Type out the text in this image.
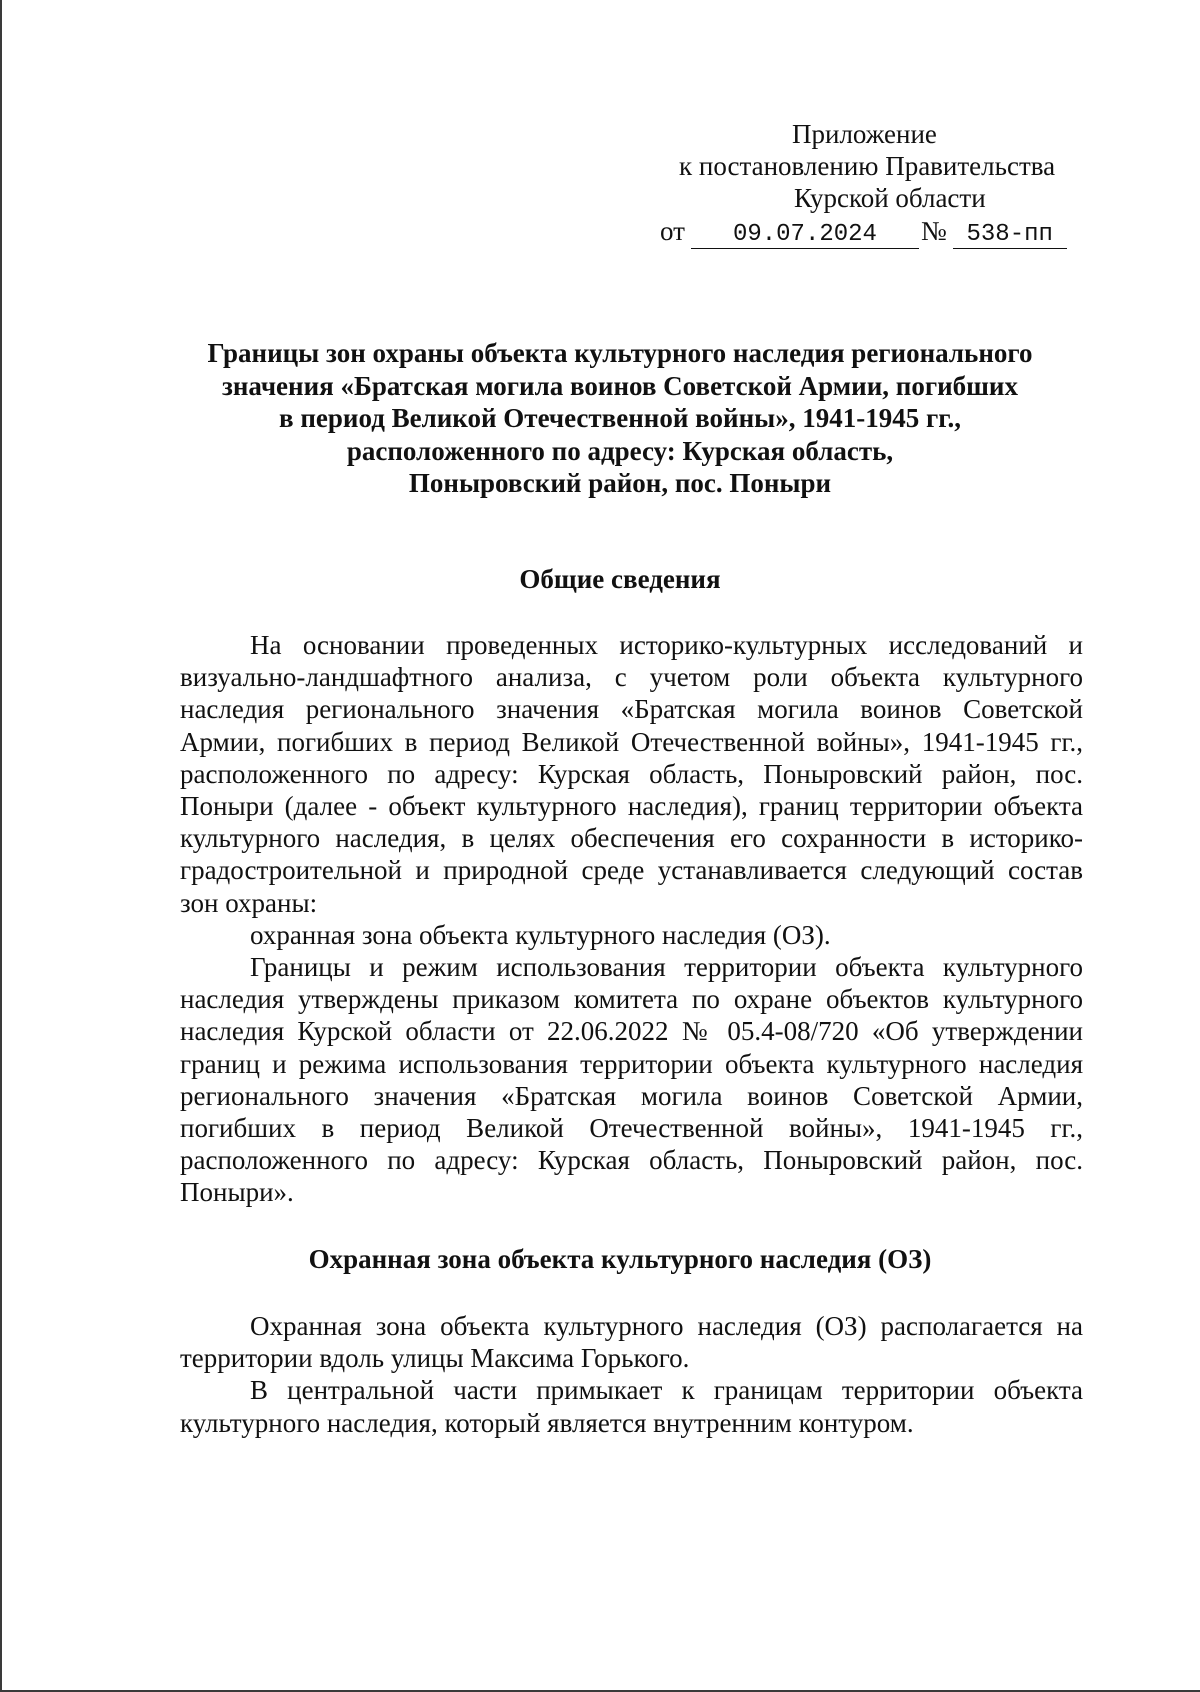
Приложение
к постановлению Правительства
Курской области
от	09.07.2024	№ 538-пп
Границы зон охраны объекта культурного наследия регионального
значения «Братская могила воинов Советской Армии, погибших
в период Великой Отечественной войны», 1941-1945 гг.,
расположенного по адресу: Курская область,
Поныровский район, пос. Поныри
Общие сведения

На основании проведенных историко-культурных исследований и визуально-ландшафтного анализа, с учетом роли объекта культурного наследия регионального значения «Братская могила воинов Советской Армии, погибших в период Великой Отечественной войны», 1941-1945 гг., расположенного по адресу: Курская область, Поныровский район, пос. Поныри (далее - объект культурного наследия), границ территории объекта культурного наследия, в целях обеспечения его сохранности в историко-градостроительной и природной среде устанавливается следующий состав зон охраны:

охранная зона объекта культурного наследия (ОЗ).

Границы и режим использования территории объекта культурного наследия утверждены приказом комитета по охране объектов культурного наследия Курской области от 22.06.2022 № 05.4-08/720 «Об утверждении границ и режима использования территории объекта культурного наследия регионального значения «Братская могила воинов Советской Армии, погибших в период Великой Отечественной войны», 1941-1945 гг., расположенного по адресу: Курская область, Поныровский район, пос. Поныри».

Охранная зона объекта культурного наследия (ОЗ)

Охранная зона объекта культурного наследия (ОЗ) располагается на территории вдоль улицы Максима Горького.

В центральной части примыкает к границам территории объекта культурного наследия, который является внутренним контуром.
